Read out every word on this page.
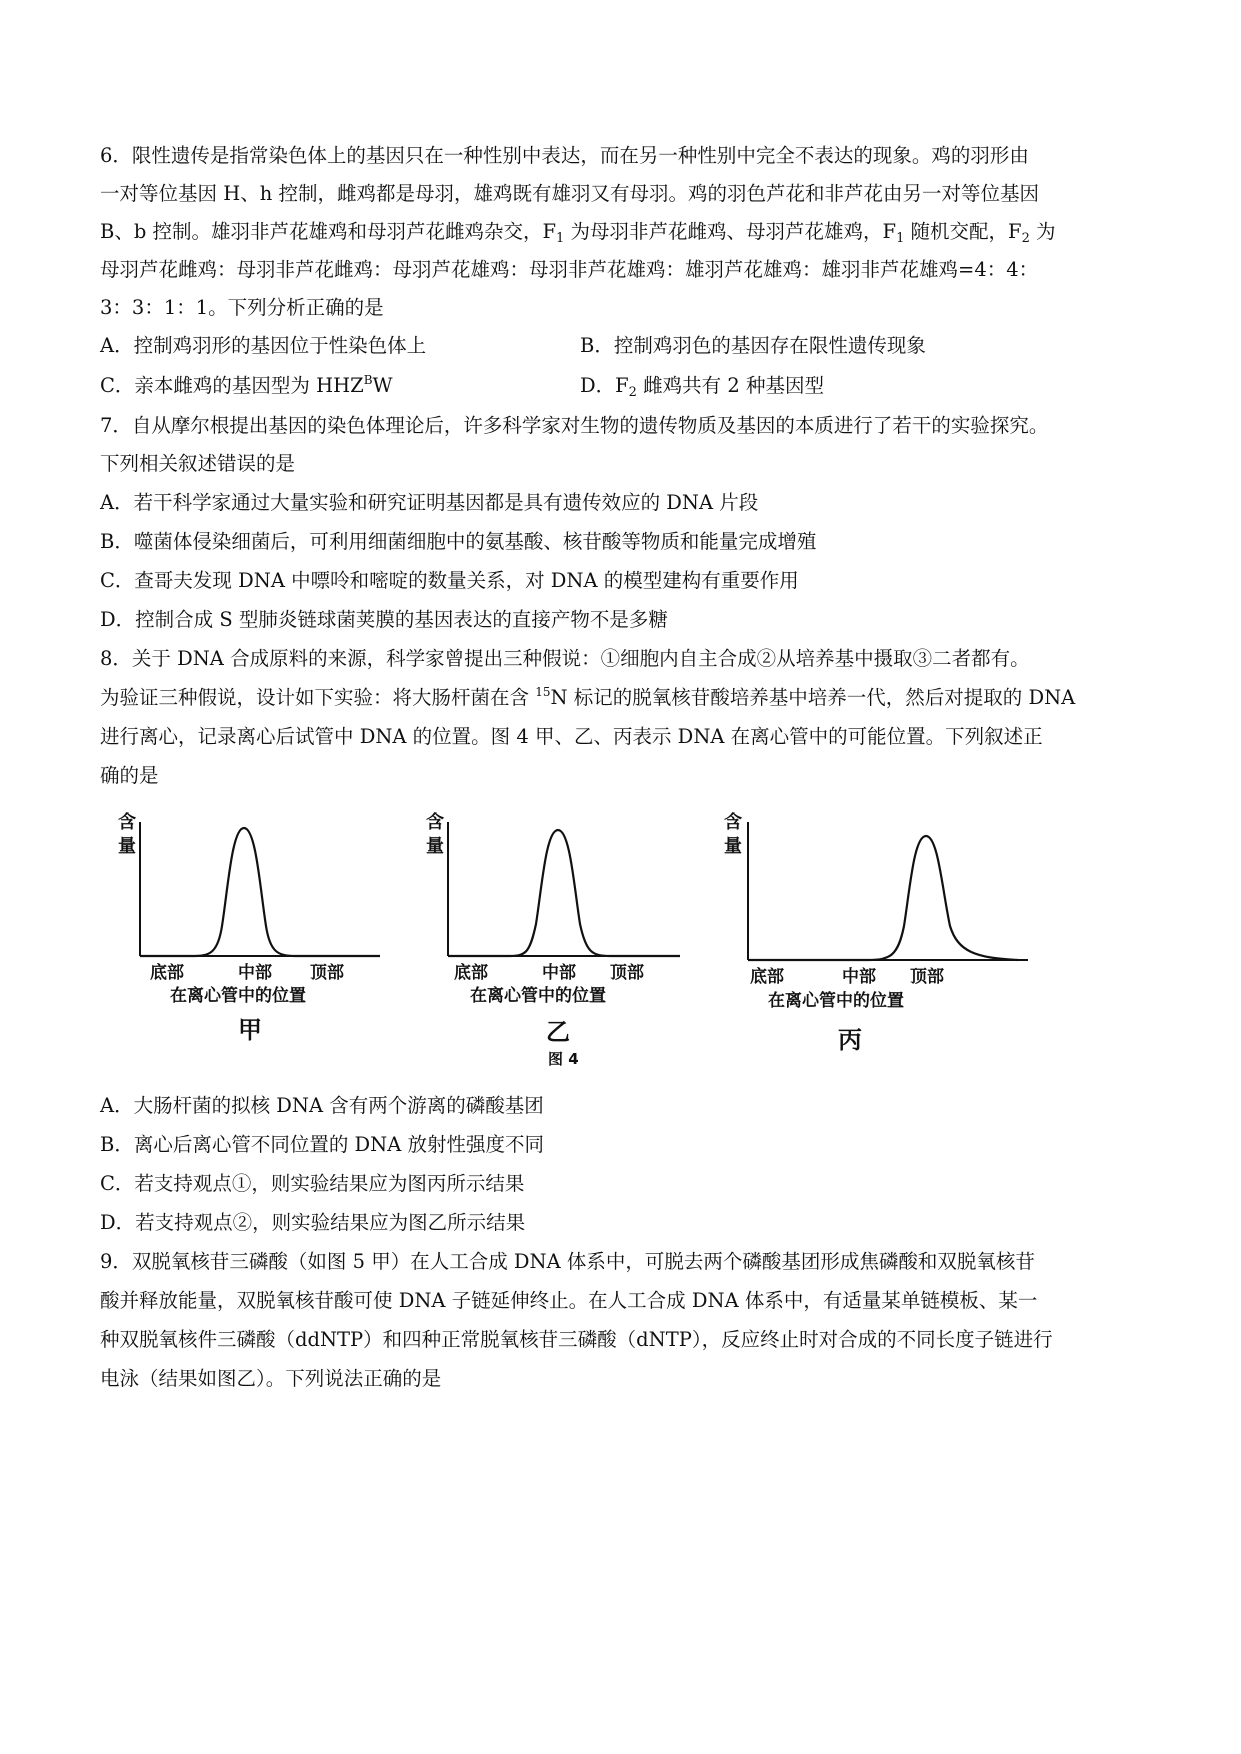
6．限性遗传是指常染色体上的基因只在一种性别中表达，而在另一种性别中完全不表达的现象。鸡的羽形由
一对等位基因 H、h 控制，雌鸡都是母羽，雄鸡既有雄羽又有母羽。鸡的羽色芦花和非芦花由另一对等位基因
B、b 控制。雄羽非芦花雄鸡和母羽芦花雌鸡杂交，$F_1$ 为母羽非芦花雌鸡、母羽芦花雄鸡，$F_1$ 随机交配，$F_2$ 为
母羽芦花雌鸡：母羽非芦花雌鸡：母羽芦花雄鸡：母羽非芦花雄鸡：雄羽芦花雄鸡：雄羽非芦花雄鸡=4：4：
3：3：1：1。下列分析正确的是
A．控制鸡羽形的基因位于性染色体上	B．控制鸡羽色的基因存在限性遗传现象
C．亲本雌鸡的基因型为 $HHZ^BW$	D．$F_2$ 雌鸡共有 2 种基因型
7．自从摩尔根提出基因的染色体理论后，许多科学家对生物的遗传物质及基因的本质进行了若干的实验探究。
下列相关叙述错误的是
A．若干科学家通过大量实验和研究证明基因都是具有遗传效应的 DNA 片段
B．噬菌体侵染细菌后，可利用细菌细胞中的氨基酸、核苷酸等物质和能量完成增殖
C．查哥夫发现 DNA 中嘌呤和嘧啶的数量关系，对 DNA 的模型建构有重要作用
D．控制合成 S 型肺炎链球菌荚膜的基因表达的直接产物不是多糖
8．关于 DNA 合成原料的来源，科学家曾提出三种假说：①细胞内自主合成②从培养基中摄取③二者都有。
为验证三种假说，设计如下实验：将大肠杆菌在含 $^{15}$N 标记的脱氧核苷酸培养基中培养一代，然后对提取的 DNA
进行离心，记录离心后试管中 DNA 的位置。图 4 甲、乙、丙表示 DNA 在离心管中的可能位置。下列叙述正
确的是
含
量
底部	中部 顶部
在离心管中的位置
甲
含
量
底部	中部 顶部
在离心管中的位置
乙
图 4
含
量
底部	中部 顶部
在离心管中的位置
丙
A．大肠杆菌的拟核 DNA 含有两个游离的磷酸基团
B．离心后离心管不同位置的 DNA 放射性强度不同
C．若支持观点①，则实验结果应为图丙所示结果
D．若支持观点②，则实验结果应为图乙所示结果
9．双脱氧核苷三磷酸（如图 5 甲）在人工合成 DNA 体系中，可脱去两个磷酸基团形成焦磷酸和双脱氧核苷
酸并释放能量，双脱氧核苷酸可使 DNA 子链延伸终止。在人工合成 DNA 体系中，有适量某单链模板、某一
种双脱氧核件三磷酸（ddNTP）和四种正常脱氧核苷三磷酸（dNTP），反应终止时对合成的不同长度子链进行
电泳（结果如图乙）。下列说法正确的是
